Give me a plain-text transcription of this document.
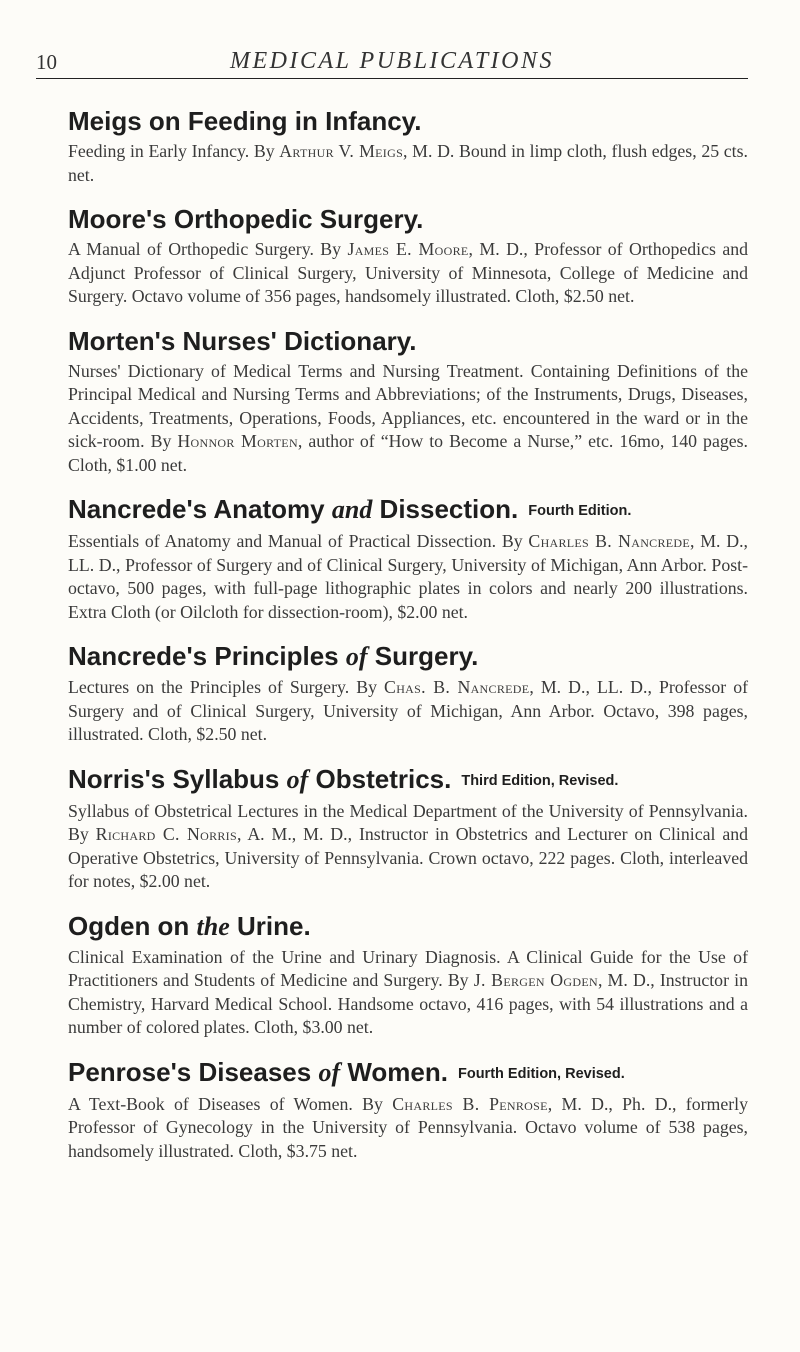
10	MEDICAL PUBLICATIONS
Meigs on Feeding in Infancy.
Feeding in Early Infancy. By Arthur V. Meigs, M. D. Bound in limp cloth, flush edges, 25 cts. net.
Moore's Orthopedic Surgery.
A Manual of Orthopedic Surgery. By James E. Moore, M. D., Professor of Orthopedics and Adjunct Professor of Clinical Surgery, University of Minnesota, College of Medicine and Surgery. Octavo volume of 356 pages, handsomely illustrated. Cloth, $2.50 net.
Morten's Nurses' Dictionary.
Nurses' Dictionary of Medical Terms and Nursing Treatment. Containing Definitions of the Principal Medical and Nursing Terms and Abbreviations; of the Instruments, Drugs, Diseases, Accidents, Treatments, Operations, Foods, Appliances, etc. encountered in the ward or in the sick-room. By Honnor Morten, author of “How to Become a Nurse,” etc. 16mo, 140 pages. Cloth, $1.00 net.
Nancrede's Anatomy and Dissection. Fourth Edition.
Essentials of Anatomy and Manual of Practical Dissection. By Charles B. Nancrede, M. D., LL. D., Professor of Surgery and of Clinical Surgery, University of Michigan, Ann Arbor. Post-octavo, 500 pages, with full-page lithographic plates in colors and nearly 200 illustrations. Extra Cloth (or Oilcloth for dissection-room), $2.00 net.
Nancrede's Principles of Surgery.
Lectures on the Principles of Surgery. By Chas. B. Nancrede, M. D., LL. D., Professor of Surgery and of Clinical Surgery, University of Michigan, Ann Arbor. Octavo, 398 pages, illustrated. Cloth, $2.50 net.
Norris's Syllabus of Obstetrics. Third Edition, Revised.
Syllabus of Obstetrical Lectures in the Medical Department of the University of Pennsylvania. By Richard C. Norris, A. M., M. D., Instructor in Obstetrics and Lecturer on Clinical and Operative Obstetrics, University of Pennsylvania. Crown octavo, 222 pages. Cloth, interleaved for notes, $2.00 net.
Ogden on the Urine.
Clinical Examination of the Urine and Urinary Diagnosis. A Clinical Guide for the Use of Practitioners and Students of Medicine and Surgery. By J. Bergen Ogden, M. D., Instructor in Chemistry, Harvard Medical School. Handsome octavo, 416 pages, with 54 illustrations and a number of colored plates. Cloth, $3.00 net.
Penrose's Diseases of Women. Fourth Edition, Revised.
A Text-Book of Diseases of Women. By Charles B. Penrose, M. D., Ph. D., formerly Professor of Gynecology in the University of Pennsylvania. Octavo volume of 538 pages, handsomely illustrated. Cloth, $3.75 net.
